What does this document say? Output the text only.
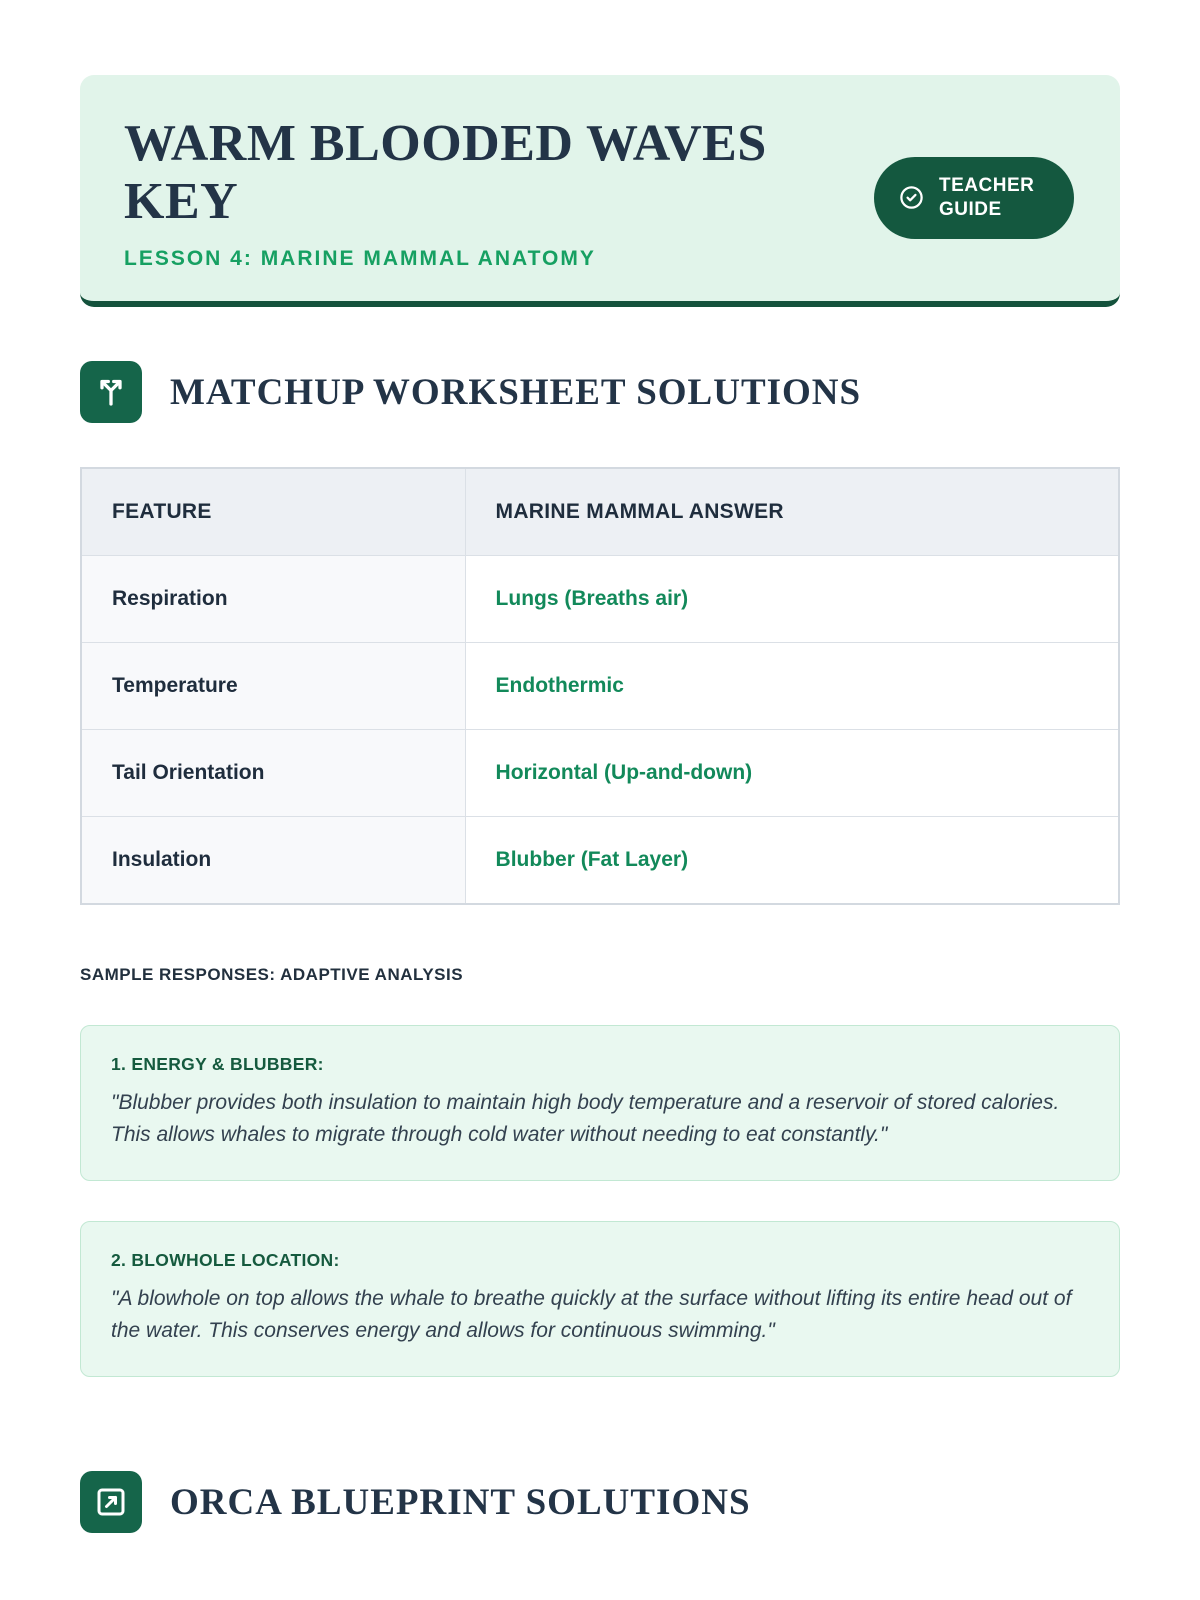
WARM BLOODED WAVES KEY
LESSON 4: MARINE MAMMAL ANATOMY
TEACHER GUIDE
MATCHUP WORKSHEET SOLUTIONS
FEATURE	MARINE MAMMAL ANSWER
Respiration	Lungs (Breaths air)
Temperature	Endothermic
Tail Orientation	Horizontal (Up-and-down)
Insulation	Blubber (Fat Layer)
SAMPLE RESPONSES: ADAPTIVE ANALYSIS
1. ENERGY & BLUBBER:
"Blubber provides both insulation to maintain high body temperature and a reservoir of stored calories. This allows whales to migrate through cold water without needing to eat constantly."
2. BLOWHOLE LOCATION:
"A blowhole on top allows the whale to breathe quickly at the surface without lifting its entire head out of the water. This conserves energy and allows for continuous swimming."
ORCA BLUEPRINT SOLUTIONS
